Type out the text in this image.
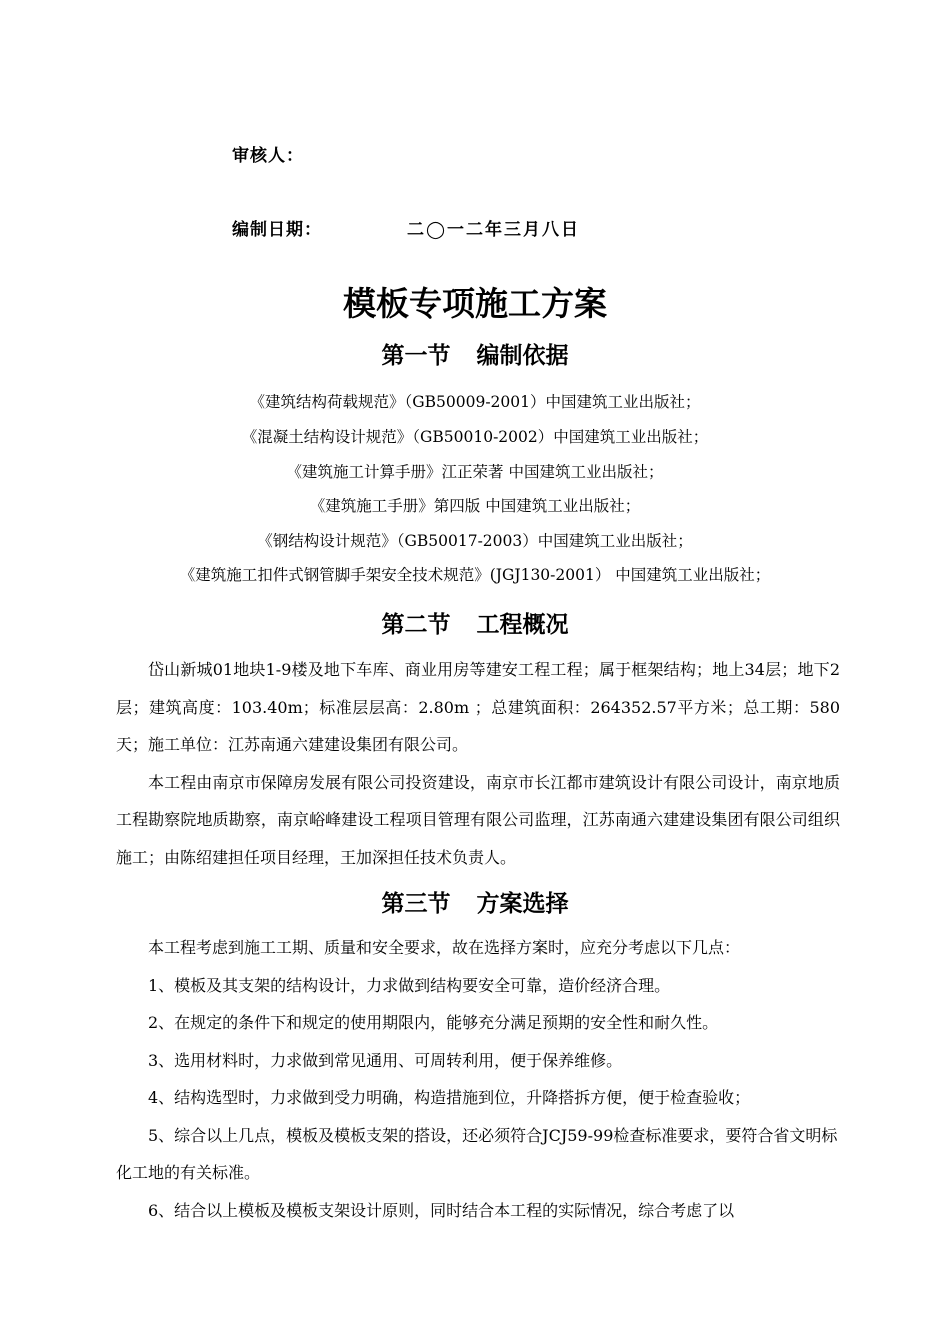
审核人：
编制日期：	二◯一二年三月八日
模板专项施工方案
第一节 编制依据
《建筑结构荷载规范》（GB50009-2001）中国建筑工业出版社；
《混凝土结构设计规范》（GB50010-2002）中国建筑工业出版社；
《建筑施工计算手册》江正荣著 中国建筑工业出版社；
《建筑施工手册》第四版 中国建筑工业出版社；
《钢结构设计规范》（GB50017-2003）中国建筑工业出版社；
《建筑施工扣件式钢管脚手架安全技术规范》(JGJ130-2001） 中国建筑工业出版社；
第二节 工程概况

岱山新城01地块1-9楼及地下车库、商业用房等建安工程工程；属于框架结构；地上34层；地下2层；建筑高度：103.40m；标准层层高：2.80m ；总建筑面积：264352.57平方米；总工期：580天；施工单位：江苏南通六建建设集团有限公司。

本工程由南京市保障房发展有限公司投资建设，南京市长江都市建筑设计有限公司设计，南京地质工程勘察院地质勘察，南京峪峰建设工程项目管理有限公司监理，江苏南通六建建设集团有限公司组织施工；由陈绍建担任项目经理，王加深担任技术负责人。

第三节 方案选择

本工程考虑到施工工期、质量和安全要求，故在选择方案时，应充分考虑以下几点：

1、模板及其支架的结构设计，力求做到结构要安全可靠，造价经济合理。

2、在规定的条件下和规定的使用期限内，能够充分满足预期的安全性和耐久性。

3、选用材料时，力求做到常见通用、可周转利用，便于保养维修。

4、结构选型时，力求做到受力明确，构造措施到位，升降搭拆方便，便于检查验收；

5、综合以上几点，模板及模板支架的搭设，还必须符合JCJ59-99检查标准要求，要符合省文明标化工地的有关标准。

6、结合以上模板及模板支架设计原则，同时结合本工程的实际情况，综合考虑了以
